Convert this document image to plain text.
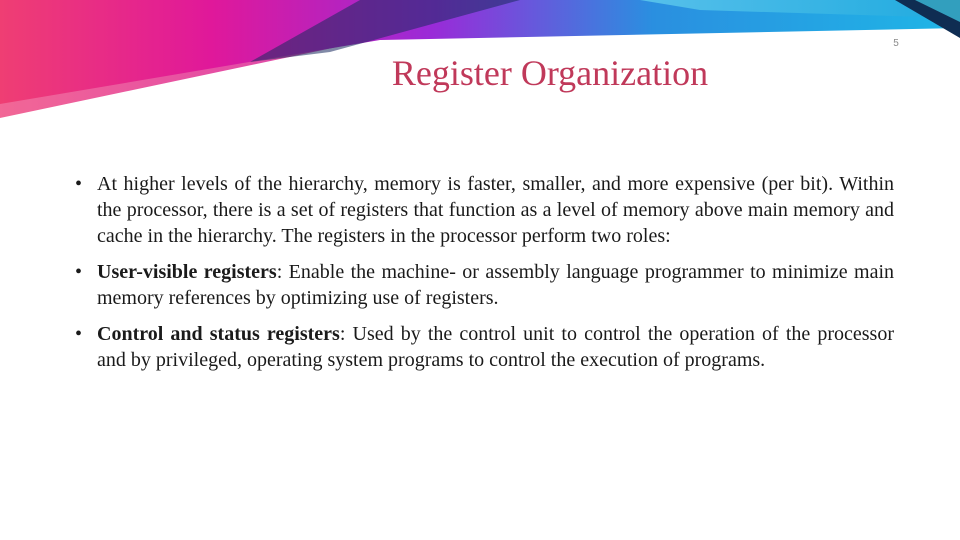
5
Register Organization
• At higher levels of the hierarchy, memory is faster, smaller, and more expensive (per bit). Within the processor, there is a set of registers that function as a level of memory above main memory and cache in the hierarchy. The registers in the processor perform two roles:
• User-visible registers: Enable the machine- or assembly language programmer to minimize main memory references by optimizing use of registers.
• Control and status registers: Used by the control unit to control the operation of the processor and by privileged, operating system programs to control the execution of programs.
